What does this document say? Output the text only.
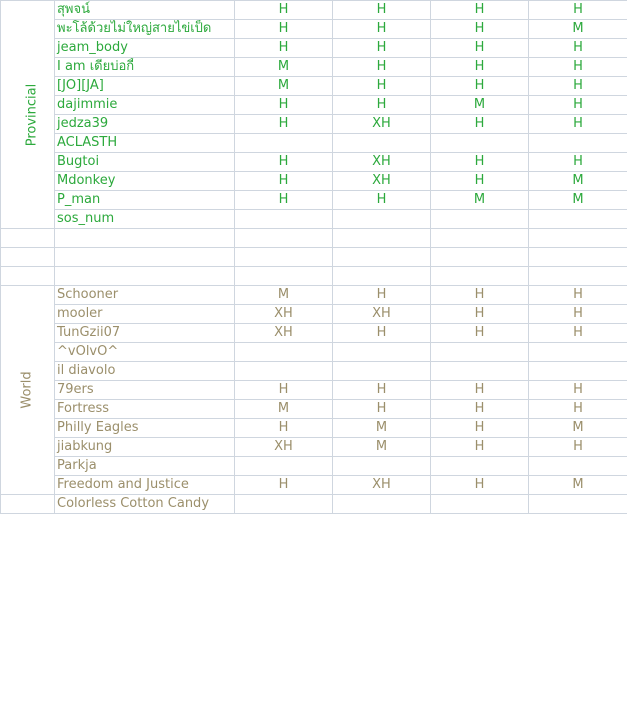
Provincial	สุพจน์	H	H	H	H
	พะโล้ด้วยไม่ใหญ่สายไข่เป็ด	H	H	H	M
	jeam_body	H	H	H	H
	I am เดียบ่อกี้	M	H	H	H
	[JO][JA]	M	H	H	H
	dajimmie	H	H	M	H
	jedza39	H	XH	H	H
	ACLASTH				
	Bugtoi	H	XH	H	H
	Mdonkey	H	XH	H	M
	P_man	H	H	M	M
	sos_num				

World	Schooner	M	H	H	H
	mooler	XH	XH	H	H
	TunGzii07	XH	H	H	H
	^vOlvO^				
	il diavolo				
	79ers	H	H	H	H
	Fortress	M	H	H	H
	Philly Eagles	H	M	H	M
	jiabkung	XH	M	H	H
	Parkja				
	Freedom and Justice	H	XH	H	M
	Colorless Cotton Candy				
